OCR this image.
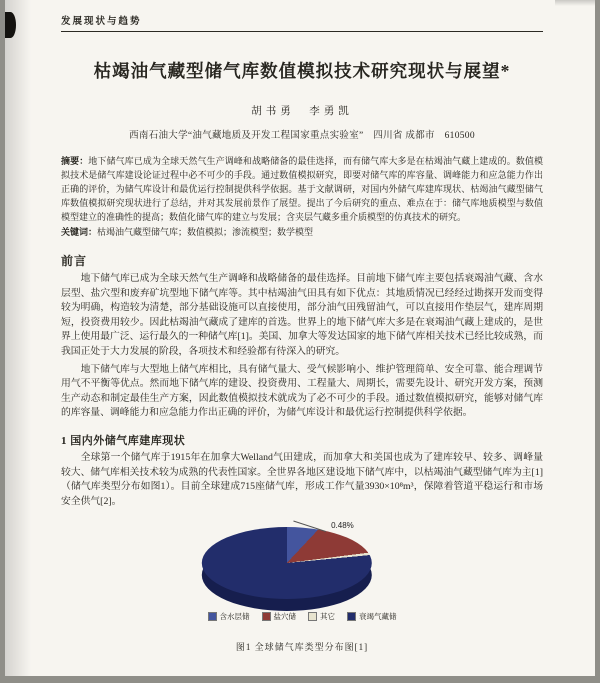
发展现状与趋势
枯竭油气藏型储气库数值模拟技术研究现状与展望*
胡书勇　李勇凯
西南石油大学“油气藏地质及开发工程国家重点实验室”　四川省 成都市　610500
摘要：地下储气库已成为全球天然气生产调峰和战略储备的最佳选择，而有储气库大多是在枯竭油气藏上建成的。数值模拟技术是储气库建设论证过程中必不可少的手段。通过数值模拟研究，即要对储气库的库容量、调峰能力和应急能力作出正确的评价，为储气库设计和最优运行控制提供科学依据。基于文献调研，对国内外储气库建库现状、枯竭油气藏型储气库数值模拟研究现状进行了总结，并对其发展前景作了展望。提出了今后研究的重点、难点在于：储气库地质模型与数值模型建立的准确性的提高；数值化储气库的建立与发展；含夹层气藏多重介质模型的仿真技术的研究。
关键词：枯竭油气藏型储气库；数值模拟；渗流模型；数学模型
前言

地下储气库已成为全球天然气生产调峰和战略储备的最佳选择。目前地下储气库主要包括衰竭油气藏、含水层型、盐穴型和废弃矿坑型地下储气库等。其中枯竭油气田具有如下优点：其地质情况已经经过勘探开发而变得较为明确，构造较为清楚，部分基础设施可以直接使用，部分油气田残留油气，可以直接用作垫层气，建库周期短，投资费用较少。因此枯竭油气藏成了建库的首选。世界上的地下储气库大多是在衰竭油气藏上建成的，是世界上使用最广泛、运行最久的一种储气库[1]。美国、加拿大等发达国家的地下储气库相关技术已经比较成熟，而我国正处于大力发展的阶段，各项技术和经验都有待深入的研究。

地下储气库与大型地上储气库相比，具有储气量大、受气候影响小、维护管理简单、安全可靠、能合理调节用气不平衡等优点。然而地下储气库的建设、投资费用、工程量大、周期长，需要先设计、研究开发方案，预测生产动态和制定最佳生产方案，因此数值模拟技术就成为了必不可少的手段。通过数值模拟研究，能够对储气库的库容量、调峰能力和应急能力作出正确的评价，为储气库设计和最优运行控制提供科学依据。

1 国内外储气库建库现状

全球第一个储气库于1915年在加拿大Welland气田建成，而加拿大和美国也成为了建库较早、较多、调峰量较大、储气库相关技术较为成熟的代表性国家。全世界各地区建设地下储气库中，以枯竭油气藏型储气库为主[1]（储气库类型分布如图1）。目前全球建成715座储气库，形成工作气量3930×10⁸m³，保障着管道平稳运行和市场安全供气[2]。

0.48%
含水层储	盐穴储	其它	衰竭气藏储
图1 全球储气库类型分布图[1]
